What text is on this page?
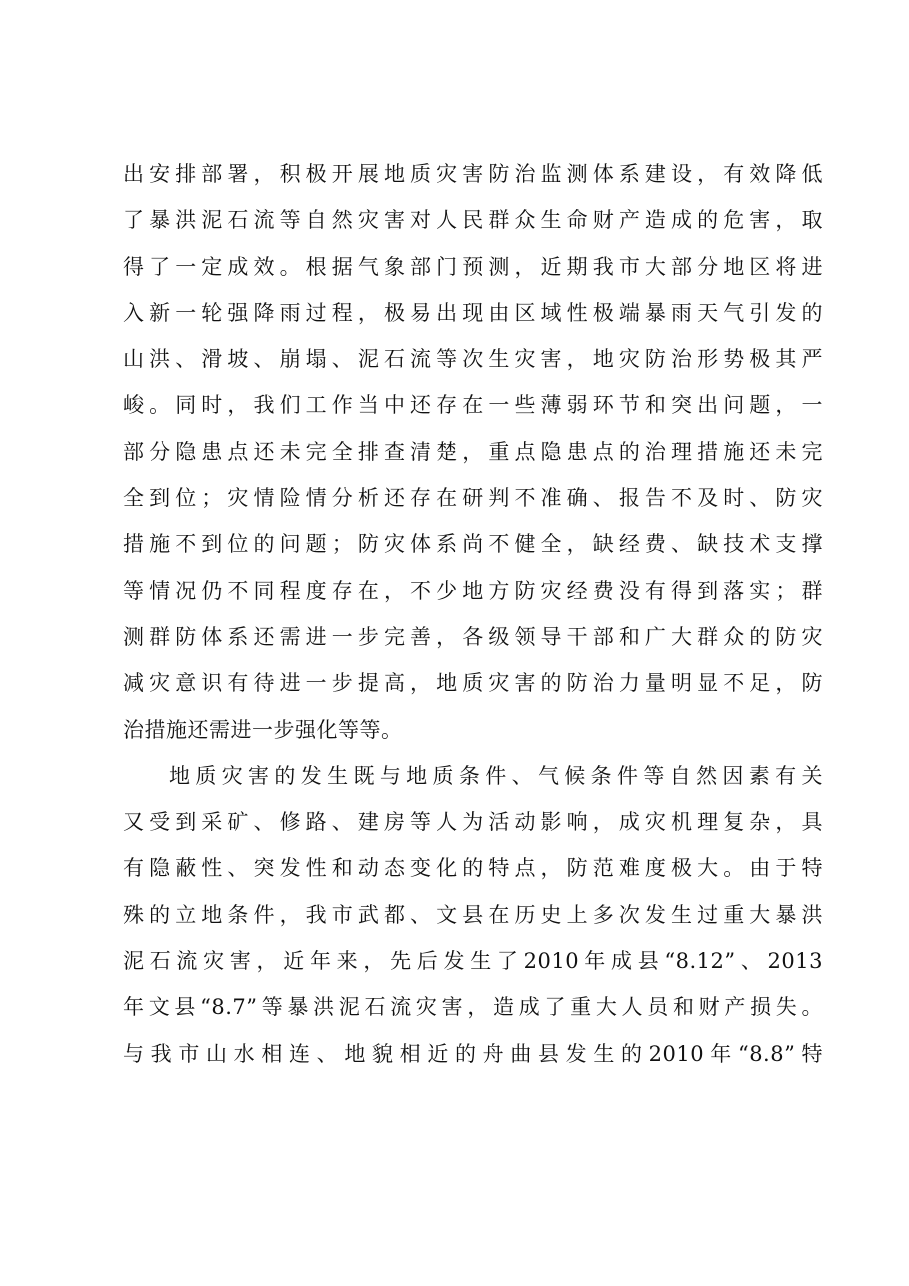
出安排部署，积极开展地质灾害防治监测体系建设，有效降低
了暴洪泥石流等自然灾害对人民群众生命财产造成的危害，取
得了一定成效。根据气象部门预测，近期我市大部分地区将进
入新一轮强降雨过程，极易出现由区域性极端暴雨天气引发的
山洪、滑坡、崩塌、泥石流等次生灾害，地灾防治形势极其严
峻。同时，我们工作当中还存在一些薄弱环节和突出问题，一
部分隐患点还未完全排查清楚，重点隐患点的治理措施还未完
全到位；灾情险情分析还存在研判不准确、报告不及时、防灾
措施不到位的问题；防灾体系尚不健全，缺经费、缺技术支撑
等情况仍不同程度存在，不少地方防灾经费没有得到落实；群
测群防体系还需进一步完善，各级领导干部和广大群众的防灾
减灾意识有待进一步提高，地质灾害的防治力量明显不足，防
治措施还需进一步强化等等。
地质灾害的发生既与地质条件、气候条件等自然因素有关
又受到采矿、修路、建房等人为活动影响，成灾机理复杂，具
有隐蔽性、突发性和动态变化的特点，防范难度极大。由于特
殊的立地条件，我市武都、文县在历史上多次发生过重大暴洪
泥石流灾害，近年来，先后发生了2010年成县“8.12”、2013
年文县“8.7”等暴洪泥石流灾害，造成了重大人员和财产损失。
与我市山水相连、地貌相近的舟曲县发生的2010年“8.8”特
